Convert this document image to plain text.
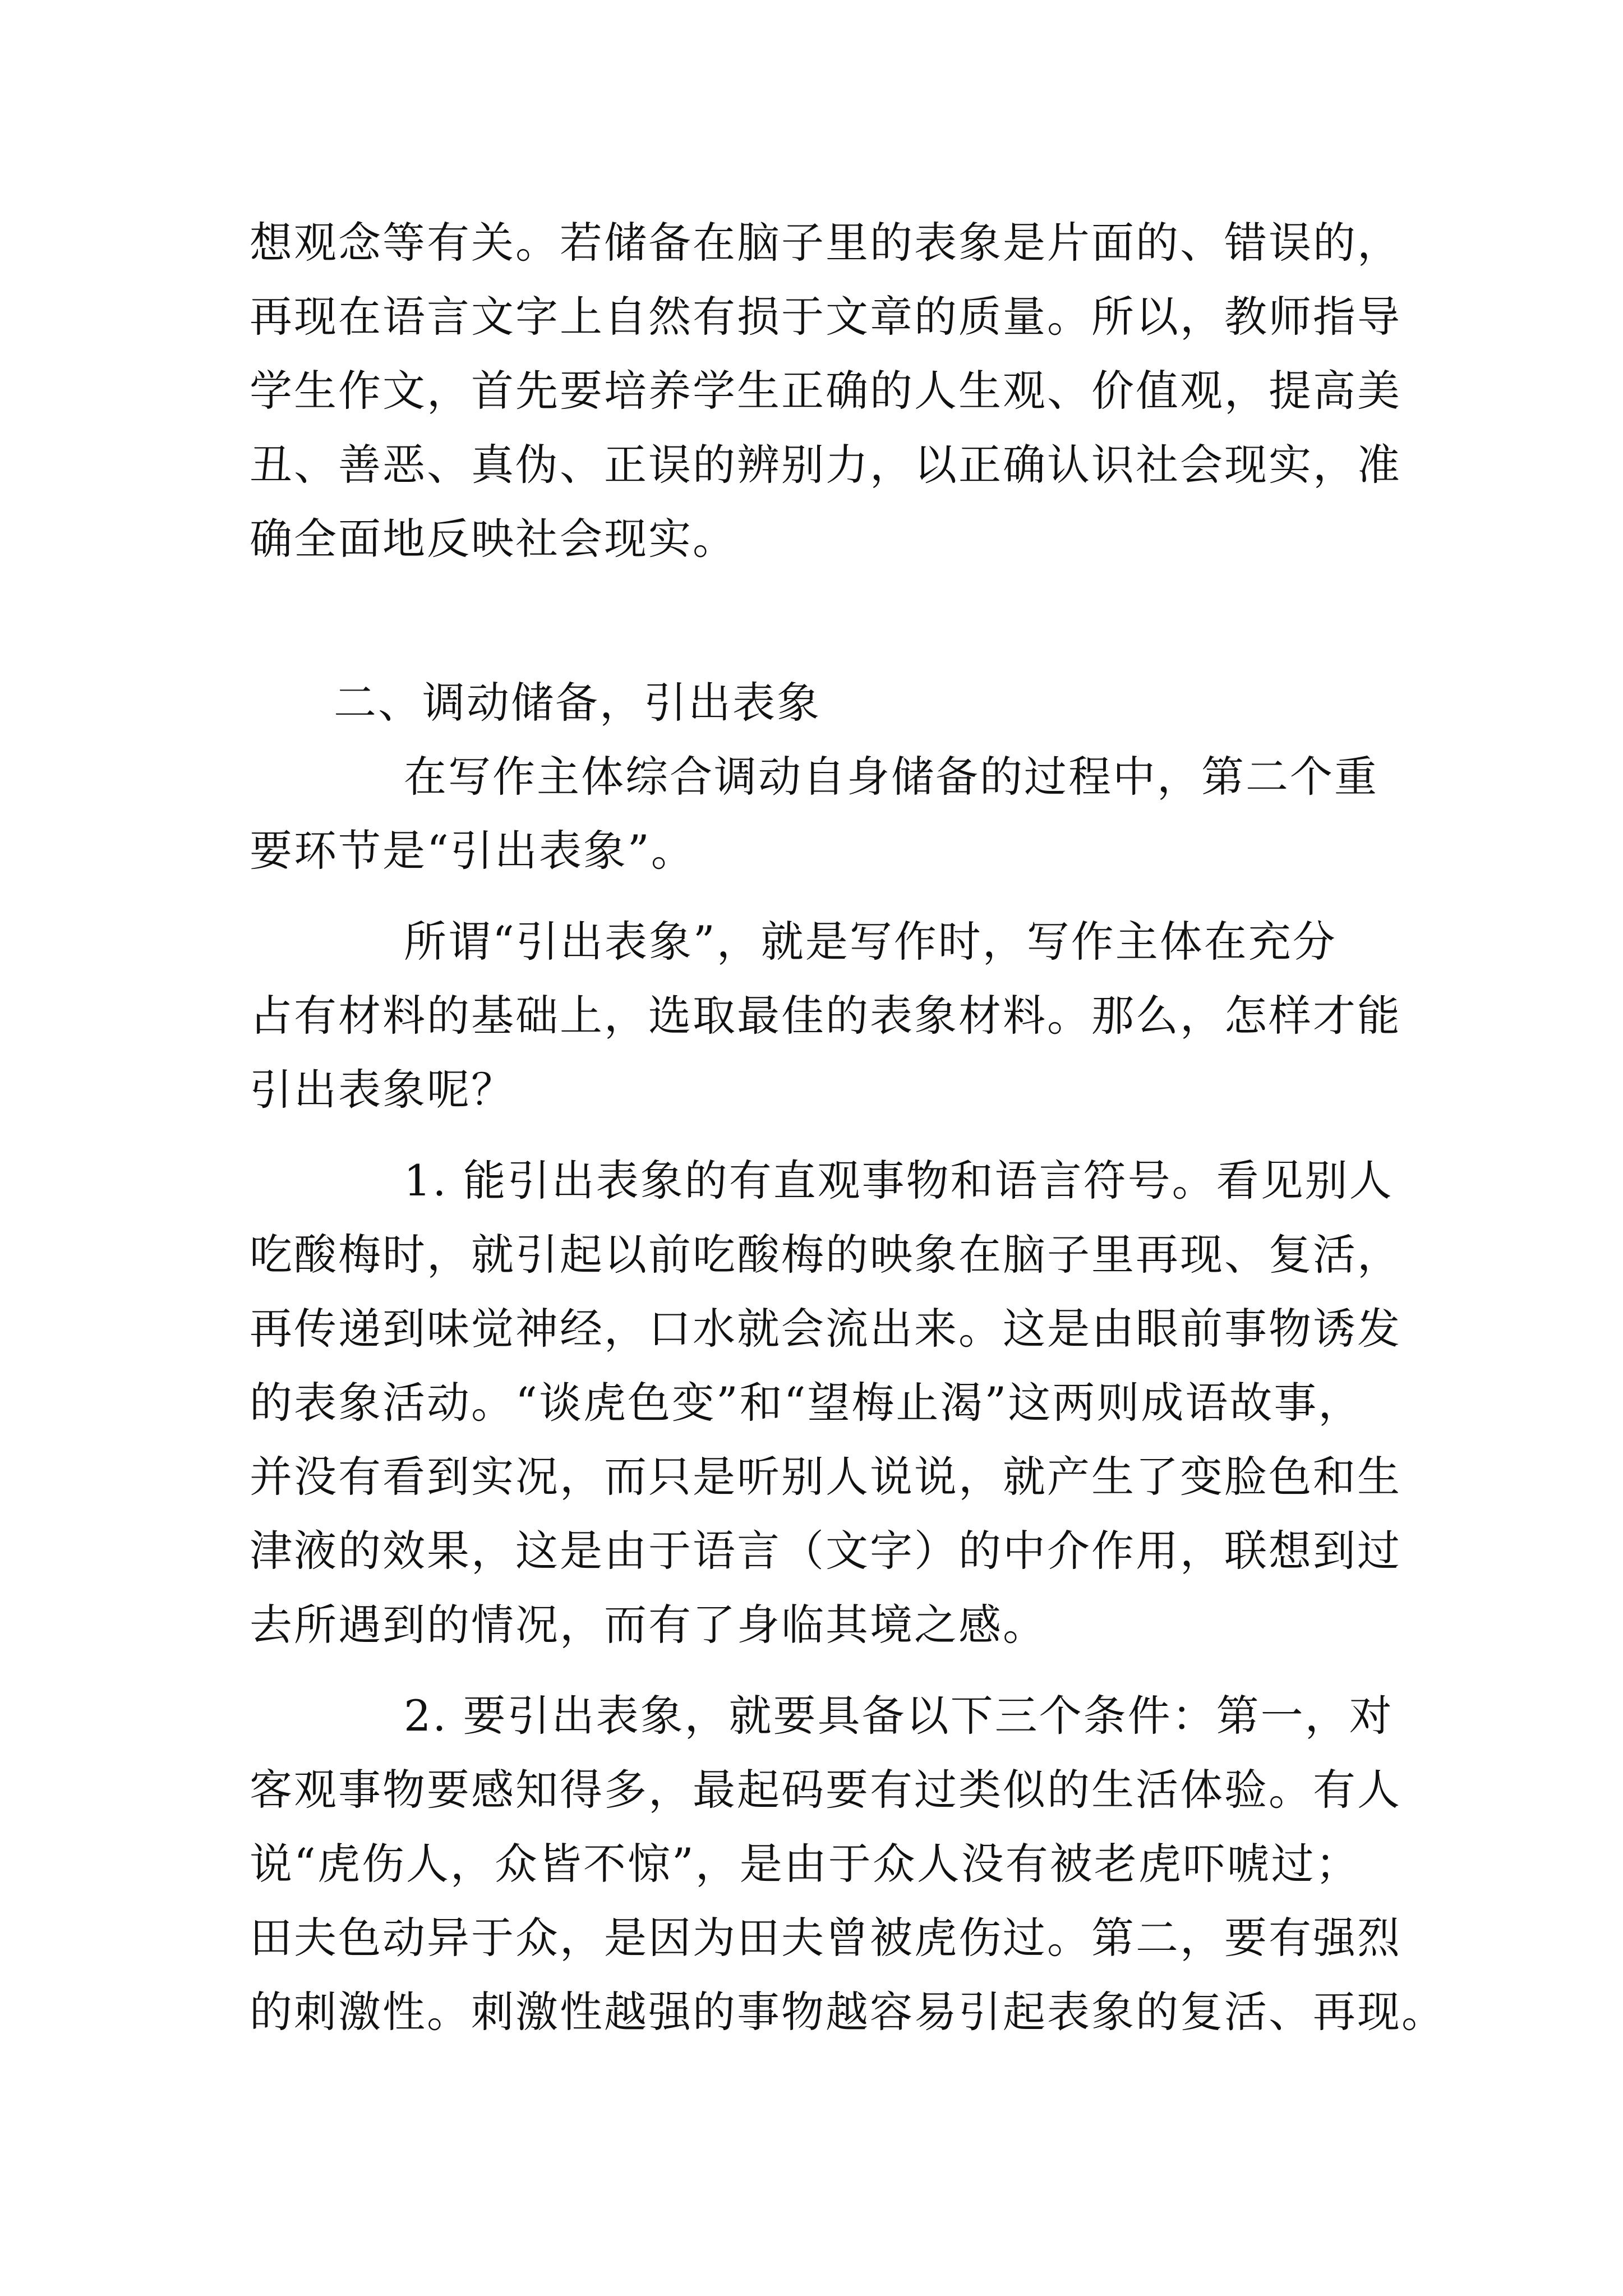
想观念等有关。若储备在脑子里的表象是片面的、错误的，
再现在语言文字上自然有损于文章的质量。所以，教师指导
学生作文，首先要培养学生正确的人生观、价值观，提高美
丑、善恶、真伪、正误的辨别力，以正确认识社会现实，准
确全面地反映社会现实。
二、调动储备，引出表象
在写作主体综合调动自身储备的过程中，第二个重
要环节是“引出表象”。
所谓“引出表象”，就是写作时，写作主体在充分
占有材料的基础上，选取最佳的表象材料。那么，怎样才能
引出表象呢？
1. 能引出表象的有直观事物和语言符号。看见别人
吃酸梅时，就引起以前吃酸梅的映象在脑子里再现、复活，
再传递到味觉神经，口水就会流出来。这是由眼前事物诱发
的表象活动。“谈虎色变”和“望梅止渴”这两则成语故事，
并没有看到实况，而只是听别人说说，就产生了变脸色和生
津液的效果，这是由于语言（文字）的中介作用，联想到过
去所遇到的情况，而有了身临其境之感。
2. 要引出表象，就要具备以下三个条件：第一，对
客观事物要感知得多，最起码要有过类似的生活体验。有人
说“虎伤人，众皆不惊”，是由于众人没有被老虎吓唬过；
田夫色动异于众，是因为田夫曾被虎伤过。第二，要有强烈
的刺激性。刺激性越强的事物越容易引起表象的复活、再现。
